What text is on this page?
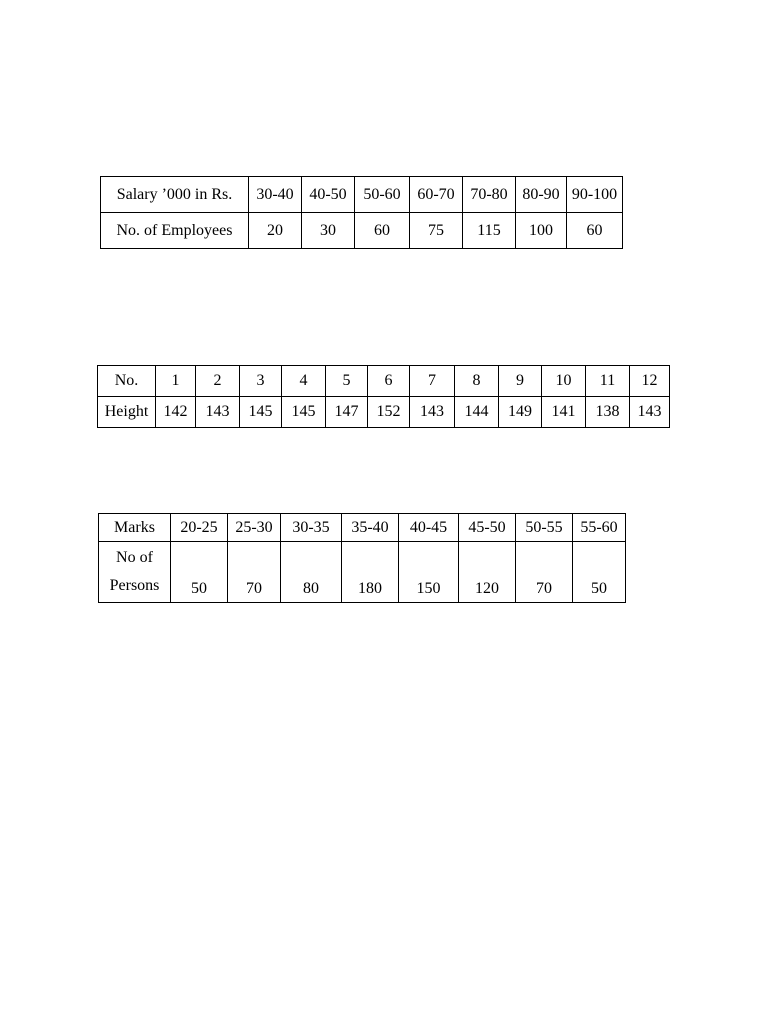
Salary ’000 in Rs.	30-40	40-50	50-60	60-70	70-80	80-90	90-100
No. of Employees	20	30	60	75	115	100	60
No.	1	2	3	4	5	6	7	8	9	10	11	12
Height	142	143	145	145	147	152	143	144	149	141	138	143
Marks	20-25	25-30	30-35	35-40	40-45	45-50	50-55	55-60

No of
Persons	50	70	80	180	150	120	70	50
